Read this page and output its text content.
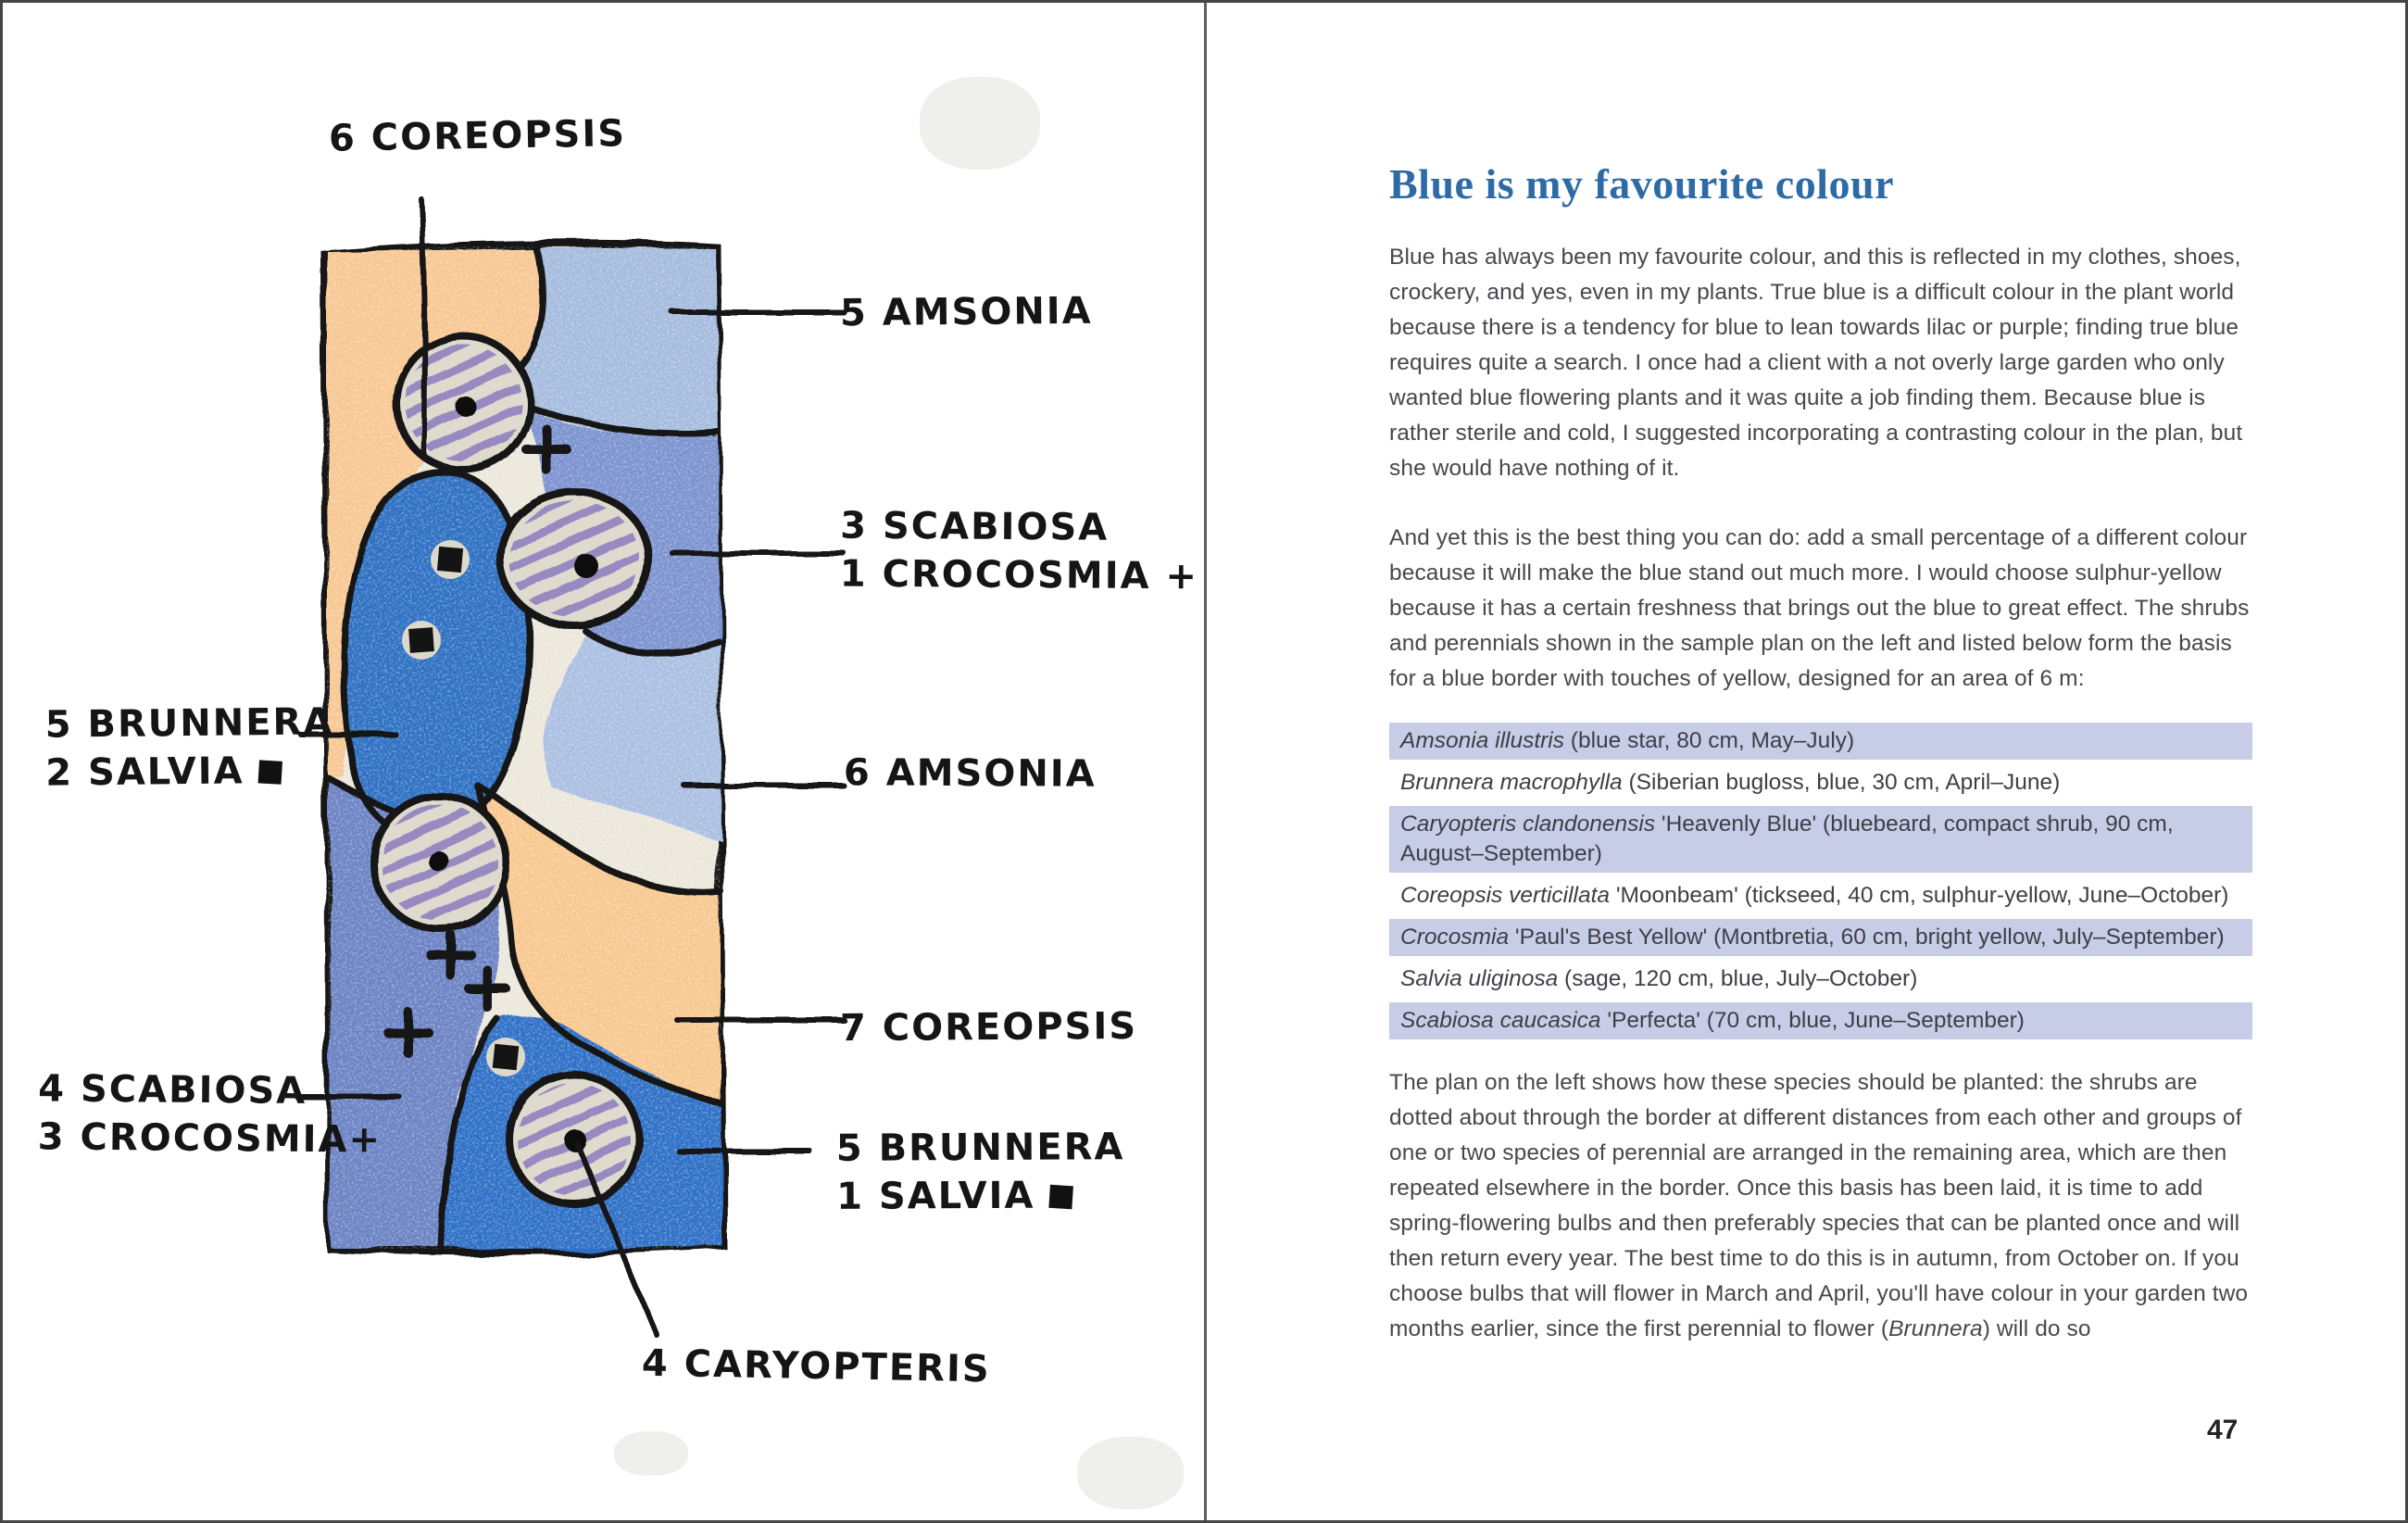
6 COREOPSIS
5 AMSONIA
3 SCABIOSA
1 CROCOSMIA +
5 BRUNNERA
2 SALVIA	6 AMSONIA
7 COREOPSIS
4 SCABIOSA
3 CROCOSMIA+	5 BRUNNERA
1 SALVIA
4 CARYOPTERIS
Blue is my favourite colour

Blue has always been my favourite colour, and this is reflected in my clothes, shoes, crockery, and yes, even in my plants. True blue is a difficult colour in the plant world because there is a tendency for blue to lean towards lilac or purple; finding true blue requires quite a search. I once had a client with a not overly large garden who only wanted blue flowering plants and it was quite a job finding them. Because blue is rather sterile and cold, I suggested incorporating a contrasting colour in the plan, but she would have nothing of it.

And yet this is the best thing you can do: add a small percentage of a different colour because it will make the blue stand out much more. I would choose sulphur-yellow because it has a certain freshness that brings out the blue to great effect. The shrubs and perennials shown in the sample plan on the left and listed below form the basis for a blue border with touches of yellow, designed for an area of 6 m:

Amsonia illustris (blue star, 80 cm, May–July)
Brunnera macrophylla (Siberian bugloss, blue, 30 cm, April–June)
Caryopteris clandonensis 'Heavenly Blue' (bluebeard, compact shrub, 90 cm, August–September)
Coreopsis verticillata 'Moonbeam' (tickseed, 40 cm, sulphur-yellow, June–October)
Crocosmia 'Paul's Best Yellow' (Montbretia, 60 cm, bright yellow, July–September)
Salvia uliginosa (sage, 120 cm, blue, July–October)
Scabiosa caucasica 'Perfecta' (70 cm, blue, June–September)

The plan on the left shows how these species should be planted: the shrubs are dotted about through the border at different distances from each other and groups of one or two species of perennial are arranged in the remaining area, which are then repeated elsewhere in the border. Once this basis has been laid, it is time to add spring-flowering bulbs and then preferably species that can be planted once and will then return every year. The best time to do this is in autumn, from October on. If you choose bulbs that will flower in March and April, you'll have colour in your garden two months earlier, since the first perennial to flower (Brunnera) will do so

47
